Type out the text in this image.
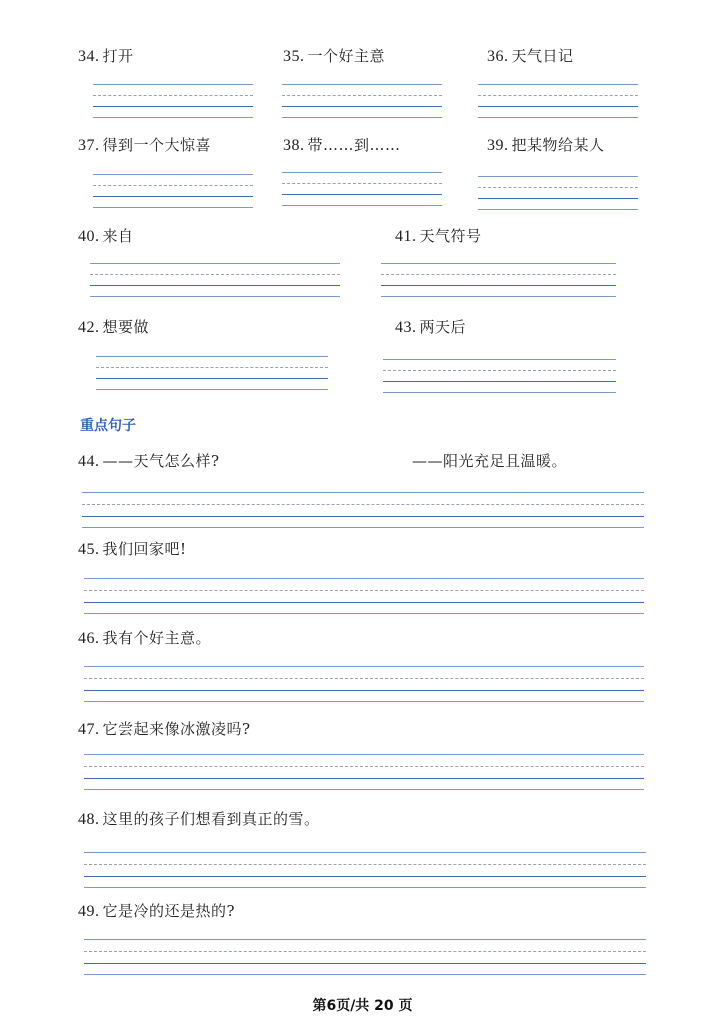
34. 打开	35. 一个好主意	36. 天气日记
37. 得到一个大惊喜	38. 带……到……	39. 把某物给某人
40. 来自	41. 天气符号
42. 想要做	43. 两天后
重点句子
44. ——天气怎么样?	——阳光充足且温暖。
45. 我们回家吧!
46. 我有个好主意。
47. 它尝起来像冰激凌吗?
48. 这里的孩子们想看到真正的雪。
49. 它是冷的还是热的?
第6页/共 20 页
